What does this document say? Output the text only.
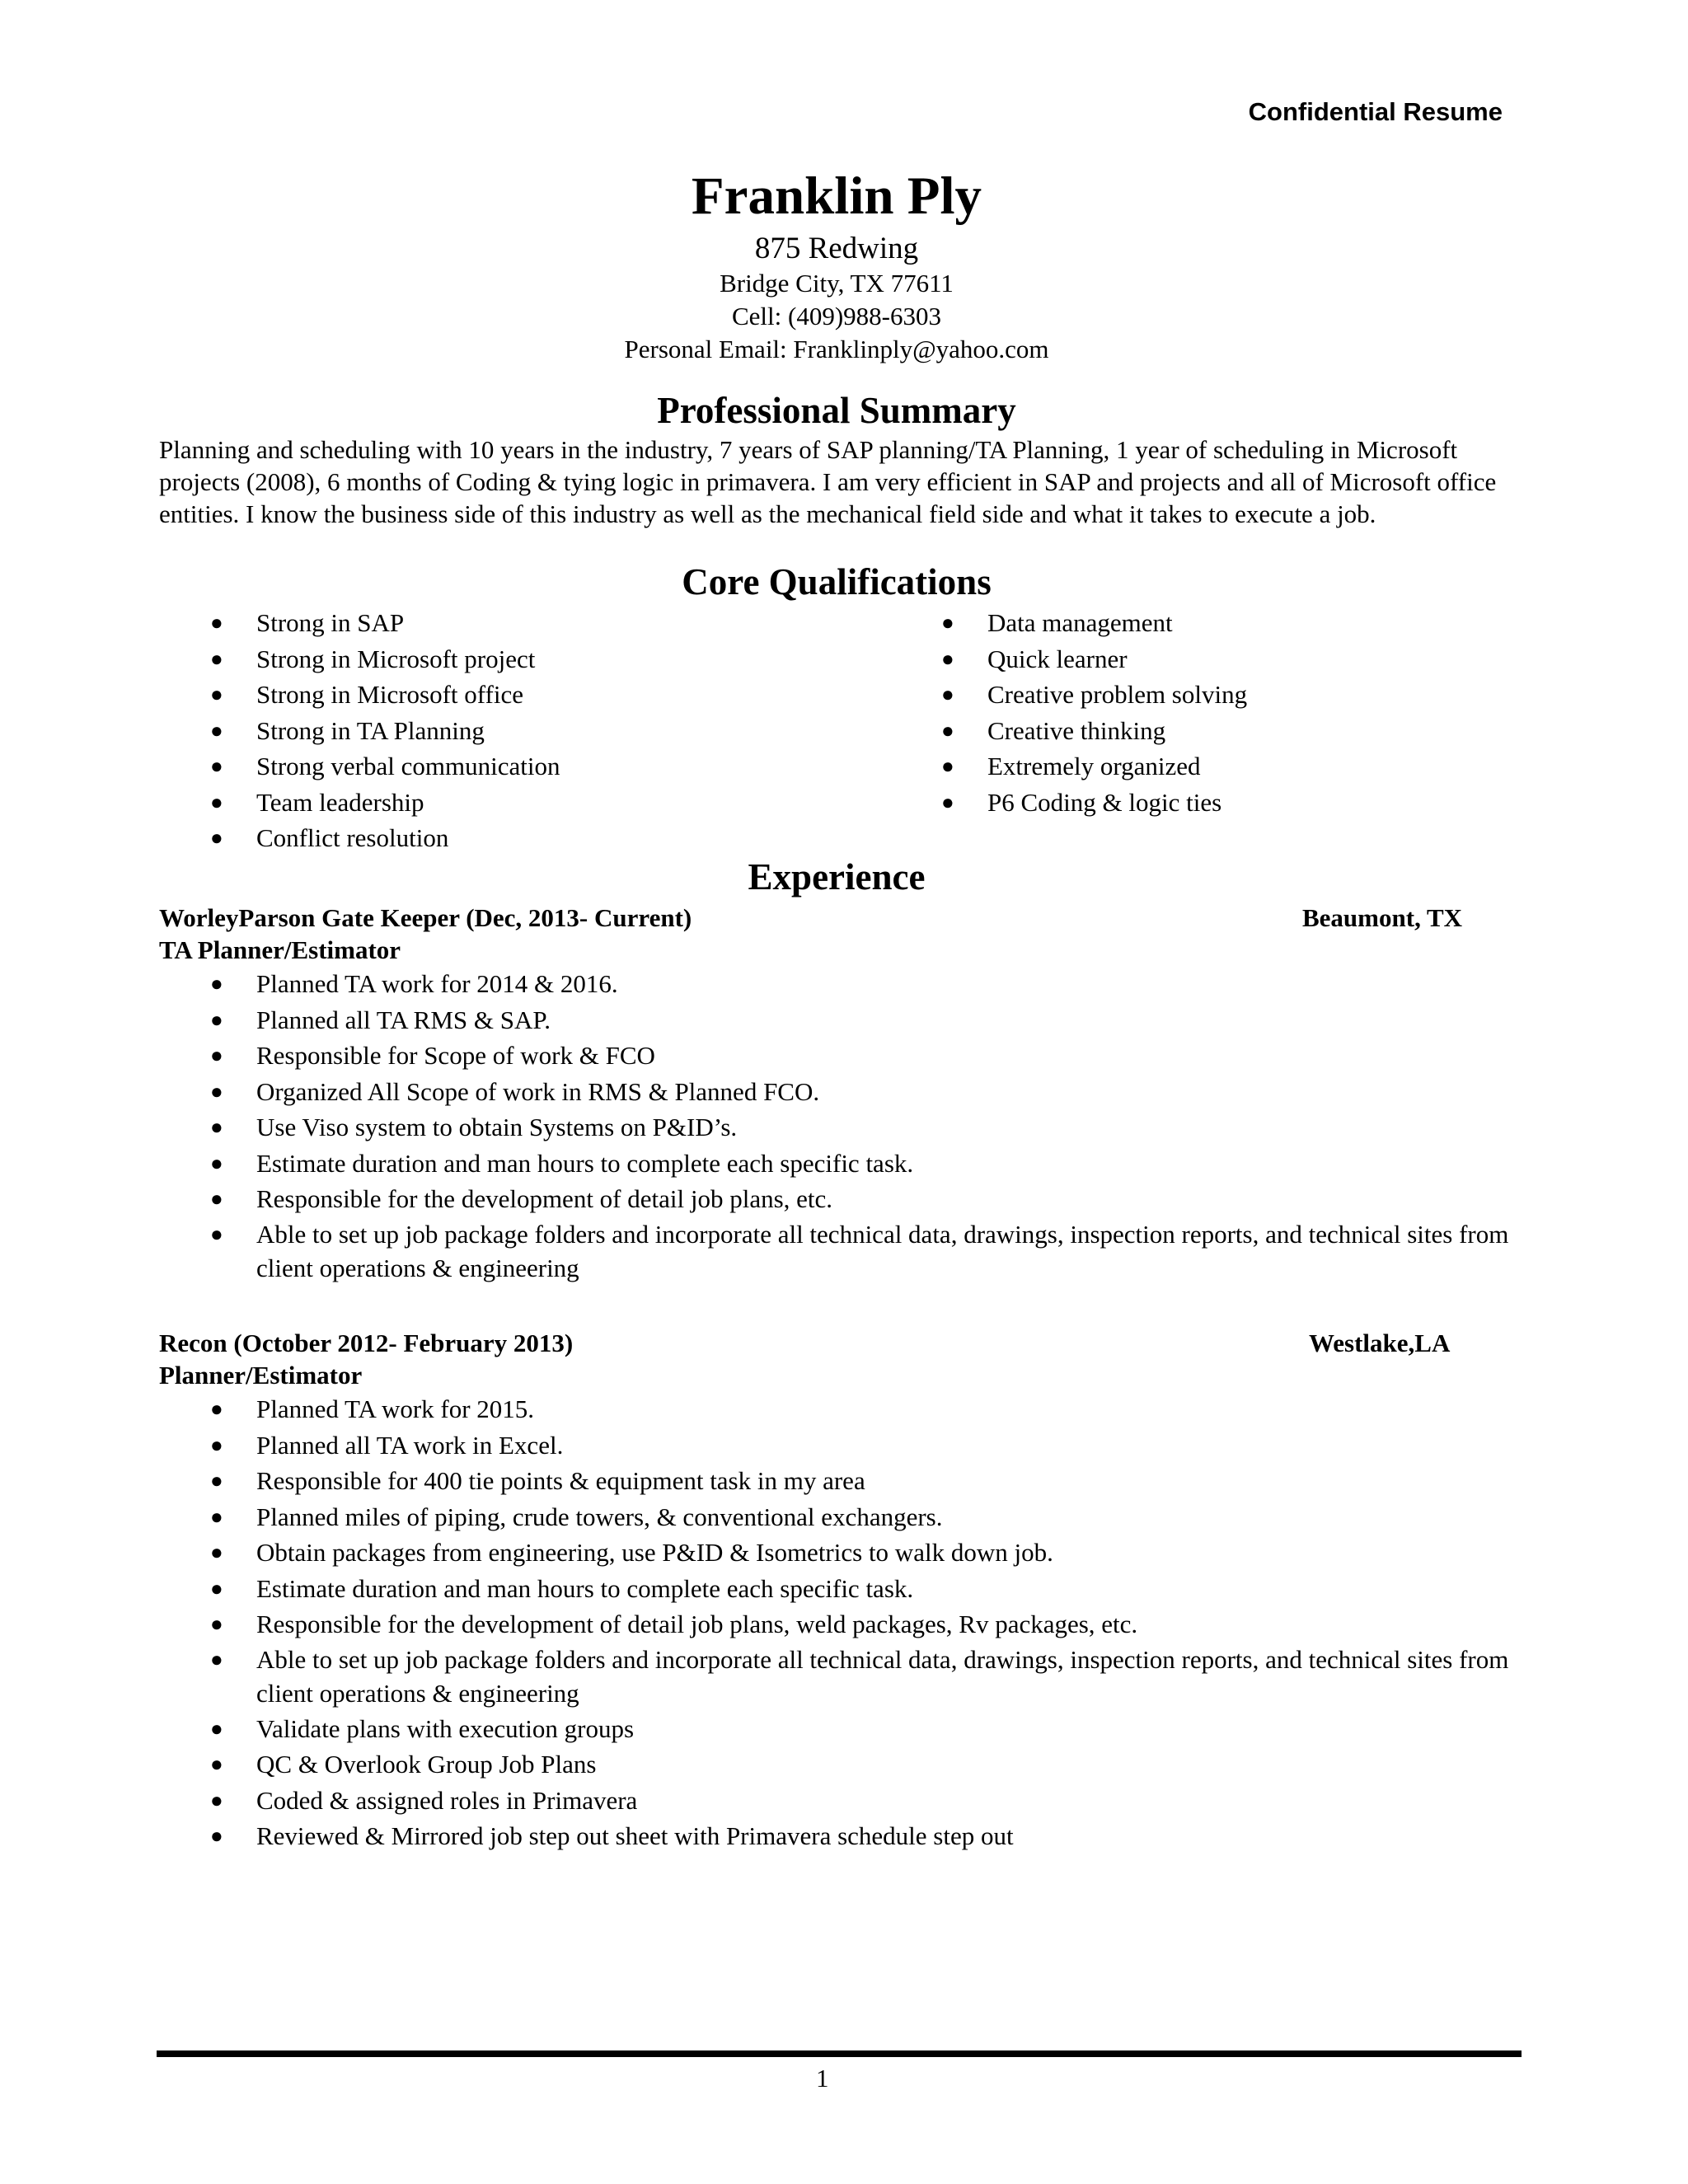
Confidential Resume
Franklin Ply
875 Redwing
Bridge City, TX 77611
Cell: (409)988-6303
Personal Email: Franklinply@yahoo.com
Professional Summary
Planning and scheduling with 10 years in the industry, 7 years of SAP planning/TA Planning, 1 year of scheduling in Microsoft projects (2008), 6 months of Coding & tying logic in primavera. I am very efficient in SAP and projects and all of Microsoft office entities. I know the business side of this industry as well as the mechanical field side and what it takes to execute a job.
Core Qualifications
● Strong in SAP
● Strong in Microsoft project
● Strong in Microsoft office
● Strong in TA Planning
● Strong verbal communication
● Team leadership
● Conflict resolution
● Data management
● Quick learner
● Creative problem solving
● Creative thinking
● Extremely organized
● P6 Coding & logic ties
Experience
WorleyParson Gate Keeper (Dec, 2013- Current)	Beaumont, TX
TA Planner/Estimator
● Planned TA work for 2014 & 2016.
● Planned all TA RMS & SAP.
● Responsible for Scope of work & FCO
● Organized All Scope of work in RMS & Planned FCO.
● Use Viso system to obtain Systems on P&ID’s.
● Estimate duration and man hours to complete each specific task.
● Responsible for the development of detail job plans, etc.
● Able to set up job package folders and incorporate all technical data, drawings, inspection reports, and technical sites from client operations & engineering
Recon (October 2012- February 2013)	Westlake,LA
Planner/Estimator
● Planned TA work for 2015.
● Planned all TA work in Excel.
● Responsible for 400 tie points & equipment task in my area
● Planned miles of piping, crude towers, & conventional exchangers.
● Obtain packages from engineering, use P&ID & Isometrics to walk down job.
● Estimate duration and man hours to complete each specific task.
● Responsible for the development of detail job plans, weld packages, Rv packages, etc.
● Able to set up job package folders and incorporate all technical data, drawings, inspection reports, and technical sites from client operations & engineering
● Validate plans with execution groups
● QC & Overlook Group Job Plans
● Coded & assigned roles in Primavera
● Reviewed & Mirrored job step out sheet with Primavera schedule step out
1
